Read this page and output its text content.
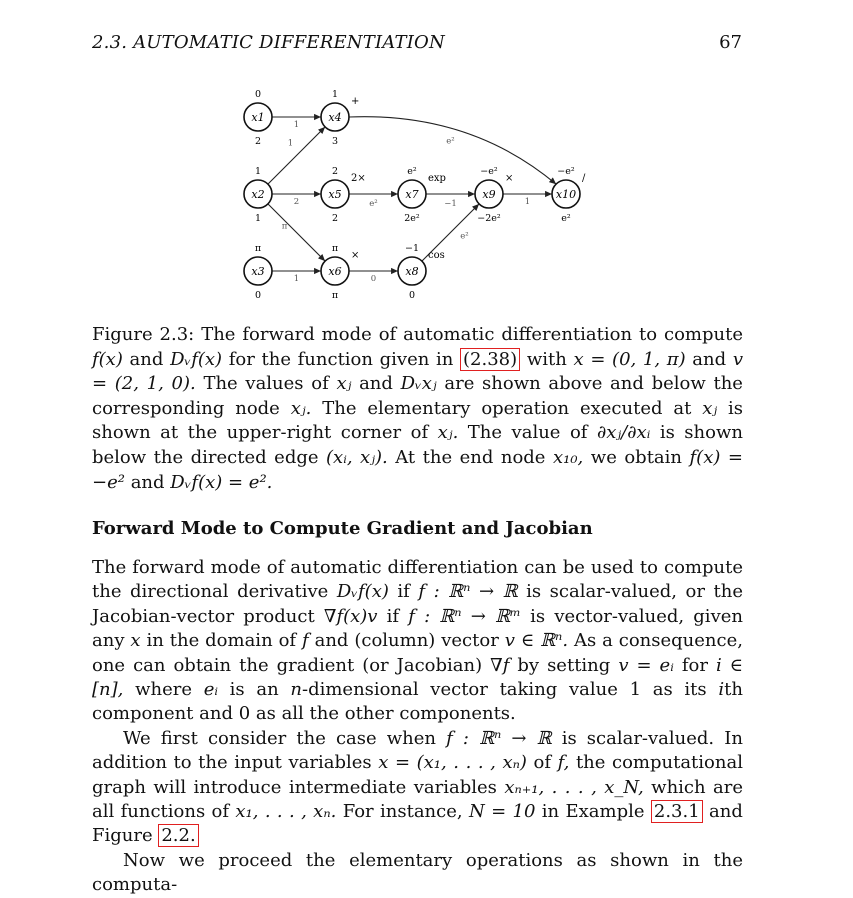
2.3. AUTOMATIC DIFFERENTIATION	67
1
1
2
π
1
e²
0
−1
e²
e²
1
x1
0
2
x2
1
1
x3
π
0
x4
1
3
+
x5
2
2
2×
x6
π
π
×
x7
e²
2e²
exp
x8
−1
0
cos
x9
−e²
−2e²
×
x10
−e²
e²
/

Figure 2.3: The forward mode of automatic differentiation to compute f(x) and Dᵥf(x) for the function given in (2.38) with x = (0, 1, π) and v = (2, 1, 0). The values of xⱼ and Dᵥxⱼ are shown above and below the corresponding node xⱼ. The elementary operation executed at xⱼ is shown at the upper-right corner of xⱼ. The value of ∂xⱼ/∂xᵢ is shown below the directed edge (xᵢ, xⱼ). At the end node x₁₀, we obtain f(x) = −e² and Dᵥf(x) = e².

Forward Mode to Compute Gradient and Jacobian

The forward mode of automatic differentiation can be used to compute the directional derivative Dᵥf(x) if f : ℝⁿ → ℝ is scalar-valued, or the Jacobian-vector product ∇f(x)v if f : ℝⁿ → ℝᵐ is vector-valued, given any x in the domain of f and (column) vector v ∈ ℝⁿ. As a consequence, one can obtain the gradient (or Jacobian) ∇f by setting v = eᵢ for i ∈ [n], where eᵢ is an n-dimensional vector taking value 1 as its ith component and 0 as all the other components.

We first consider the case when f : ℝⁿ → ℝ is scalar-valued. In addition to the input variables x = (x₁, . . . , xₙ) of f, the computational graph will introduce intermediate variables xₙ₊₁, . . . , x_N, which are all functions of x₁, . . . , xₙ. For instance, N = 10 in Example 2.3.1 and Figure 2.2.

Now we proceed the elementary operations as shown in the computa-
